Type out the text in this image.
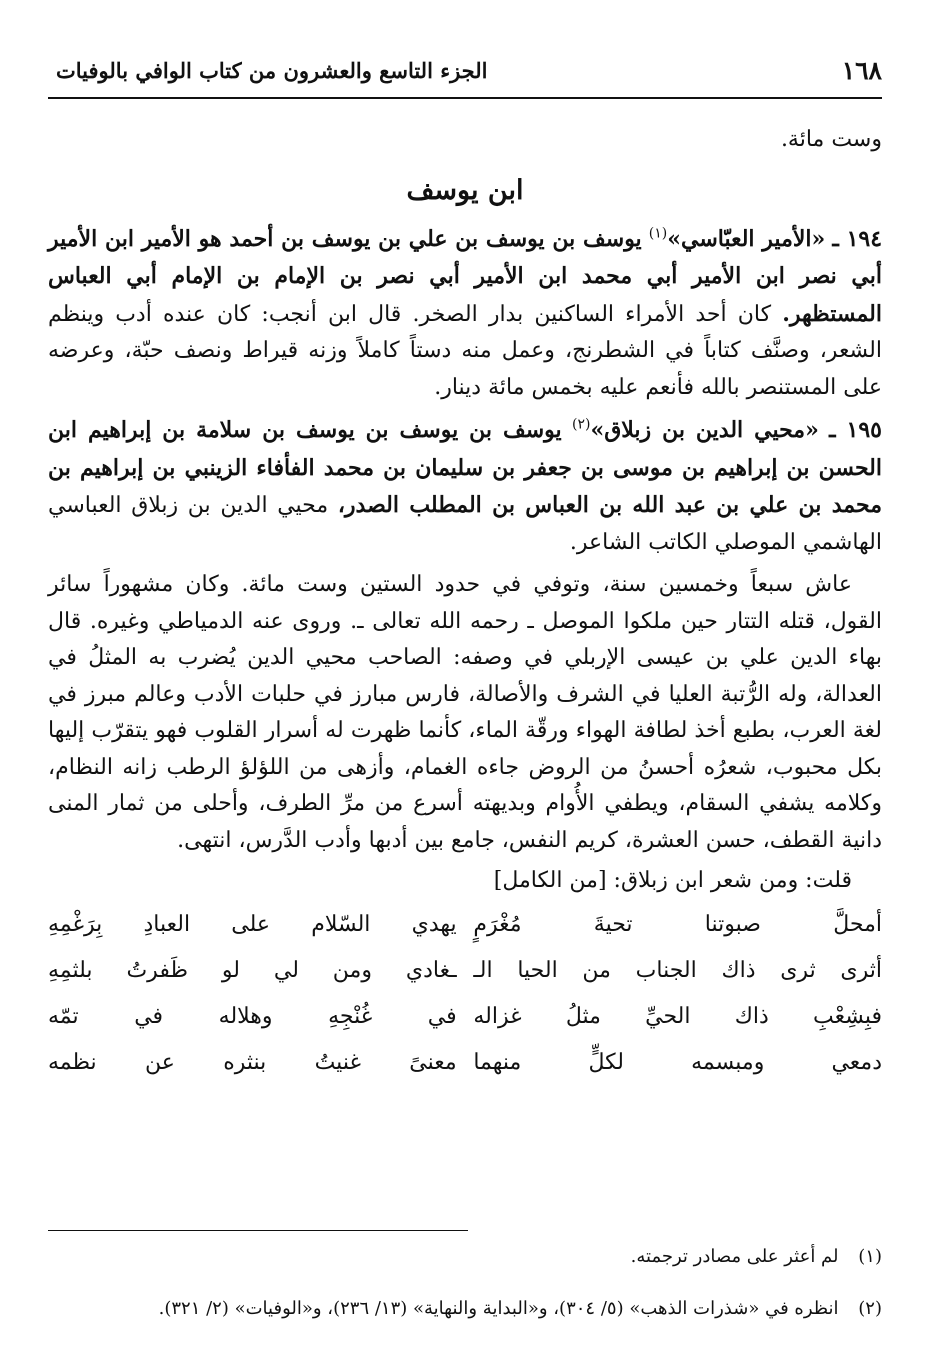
١٦٨
الجزء التاسع والعشرون من كتاب الوافي بالوفيات

وست مائة.

ابن يوسف

١٩٤ ـ «الأمير العبّاسي»$^{(١)}$ يوسف بن يوسف بن علي بن يوسف بن أحمد هو الأمير ابن الأمير أبي نصر ابن الأمير أبي محمد ابن الأمير أبي نصر بن الإمام بن الإمام أبي العباس المستظهر. كان أحد الأمراء الساكنين بدار الصخر. قال ابن أنجب: كان عنده أدب وينظم الشعر، وصنَّف كتاباً في الشطرنج، وعمل منه دستاً كاملاً وزنه قيراط ونصف حبّة، وعرضه على المستنصر بالله فأنعم عليه بخمس مائة دينار.

١٩٥ ـ «محيي الدين بن زبلاق»$^{(٢)}$ يوسف بن يوسف بن يوسف بن سلامة بن إبراهيم ابن الحسن بن إبراهيم بن موسى بن جعفر بن سليمان بن محمد الفأفاء الزينبي بن إبراهيم بن محمد بن علي بن عبد الله بن العباس بن المطلب الصدر، محيي الدين بن زبلاق العباسي الهاشمي الموصلي الكاتب الشاعر.

عاش سبعاً وخمسين سنة، وتوفي في حدود الستين وست مائة. وكان مشهوراً سائر القول، قتله التتار حين ملكوا الموصل ـ رحمه الله تعالى ـ. وروى عنه الدمياطي وغيره. قال بهاء الدين علي بن عيسى الإربلي في وصفه: الصاحب محيي الدين يُضرب به المثلُ في العدالة، وله الرُّتبة العليا في الشرف والأصالة، فارس مبارز في حلبات الأدب وعالم مبرز في لغة العرب، بطبع أخذ لطافة الهواء ورقّة الماء، كأنما ظهرت له أسرار القلوب فهو يتقرّب إليها بكل محبوب، شعرُه أحسنُ من الروض جاءه الغمام، وأزهى من اللؤلؤ الرطب زانه النظام، وكلامه يشفي السقام، ويطفي الأُوام وبديهته أسرع من مرِّ الطرف، وأحلى من ثمار المنى دانية القطف، حسن العشرة، كريم النفس، جامع بين أدبها وأدب الدَّرس، انتهى.

قلت: ومن شعر ابن زبلاق: [من الكامل]

أمحلَّ صبوتنا تحيةَ مُغْرَمٍ
يهدي السّلام على العبادِ بِرَغْمِهِ
أثرى ثرى ذاك الجناب من الحيا الـ
ـغادي ومن لي لو ظَفرتُ بلثمِهِ
فبِشِعْبِ ذاك الحيِّ مثلُ غزاله
في غُنْجِهِ وهلاله في تمّه
دمعي ومبسمه لكلٍّ منهما
معنىً غنيتُ بنثره عن نظمه

(١) لم أعثر على مصادر ترجمته.

(٢) انظره في «شذرات الذهب» (٥/ ٣٠٤)، و«البداية والنهاية» (١٣/ ٢٣٦)، و«الوفيات» (٢/ ٣٢١).
